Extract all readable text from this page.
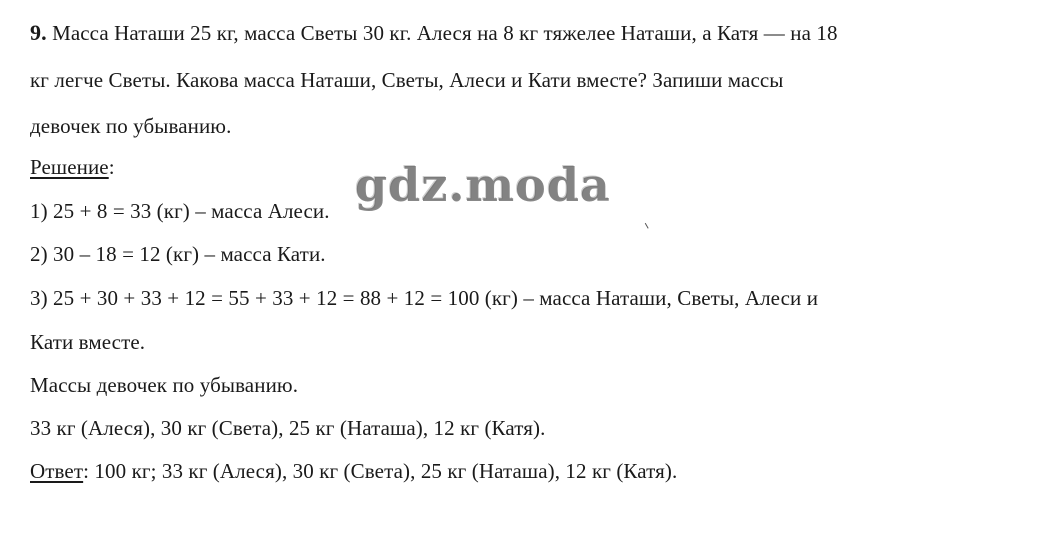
9. Масса Наташи 25 кг, масса Светы 30 кг. Алеся на 8 кг тяжелее Наташи, а Катя — на 18
кг легче Светы. Какова масса Наташи, Светы, Алеси и Кати вместе? Запиши массы
девочек по убыванию.
Решение:
1) 25 + 8 = 33 (кг) – масса Алеси.
2) 30 – 18 = 12 (кг) – масса Кати.
3) 25 + 30 + 33 + 12 = 55 + 33 + 12 = 88 + 12 = 100 (кг) – масса Наташи, Светы, Алеси и
Кати вместе.
Массы девочек по убыванию.
33 кг (Алеся), 30 кг (Света), 25 кг (Наташа), 12 кг (Катя).
Ответ: 100 кг; 33 кг (Алеся), 30 кг (Света), 25 кг (Наташа), 12 кг (Катя).
gdz.moda
